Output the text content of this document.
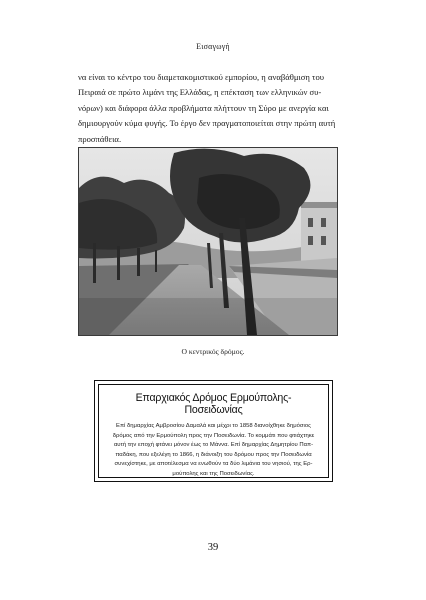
Εισαγωγή

να είναι το κέντρο του διαμετακομιστικού εμπορίου, η αναβάθμιση του
Πειραιά σε πρώτο λιμάνι της Ελλάδας, η επέκταση των ελληνικών συ-
νόρων) και διάφορα άλλα προβλήματα πλήττουν τη Σύρο με ανεργία και
δημιουργούν κύμα φυγής. Το έργο δεν πραγματοποιείται στην πρώτη αυτή
προσπάθεια.

Ο κεντρικός δρόμος.
Επαρχιακός Δρόμος Ερμούπολης-Ποσειδωνίας
Επί δημαρχίας Αμβροσίου Δαμαλά και μέχρι το 1858 διανοίχθηκε δημόσιος
δρόμος από την Ερμούπολη προς την Ποσειδωνία. Το κομμάτι που φτιάχτηκε
αυτή την εποχή φτάνει μόνον έως το Μάννα. Επί δημαρχίας Δημητρίου Παπ-
παδάκη, που εξελέγη το 1866, η διάνοιξη του δρόμου προς την Ποσειδωνία
συνεχίστηκε, με αποτέλεσμα να ενωθούν τα δύο λιμάνια του νησιού, της Ερ-
μούπολης και της Ποσειδωνίας.
39
